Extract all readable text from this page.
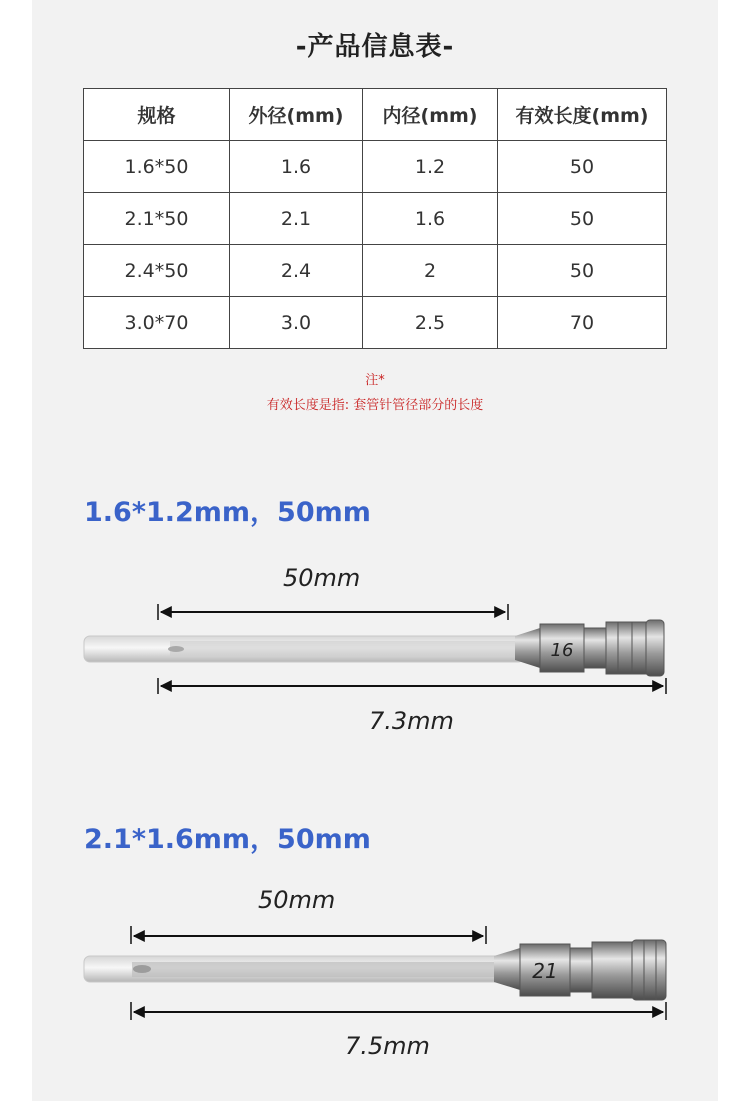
-产品信息表-
规格	外径(mm)	内径(mm)	有效长度(mm)
1.6*50	1.6	1.2	50
2.1*50	2.1	1.6	50
2.4*50	2.4	2	50
3.0*70	3.0	2.5	70
注*
有效长度是指: 套管针管径部分的长度
1.6*1.2mm，50mm
50mm
16
7.3mm
2.1*1.6mm，50mm
50mm
21
7.5mm
